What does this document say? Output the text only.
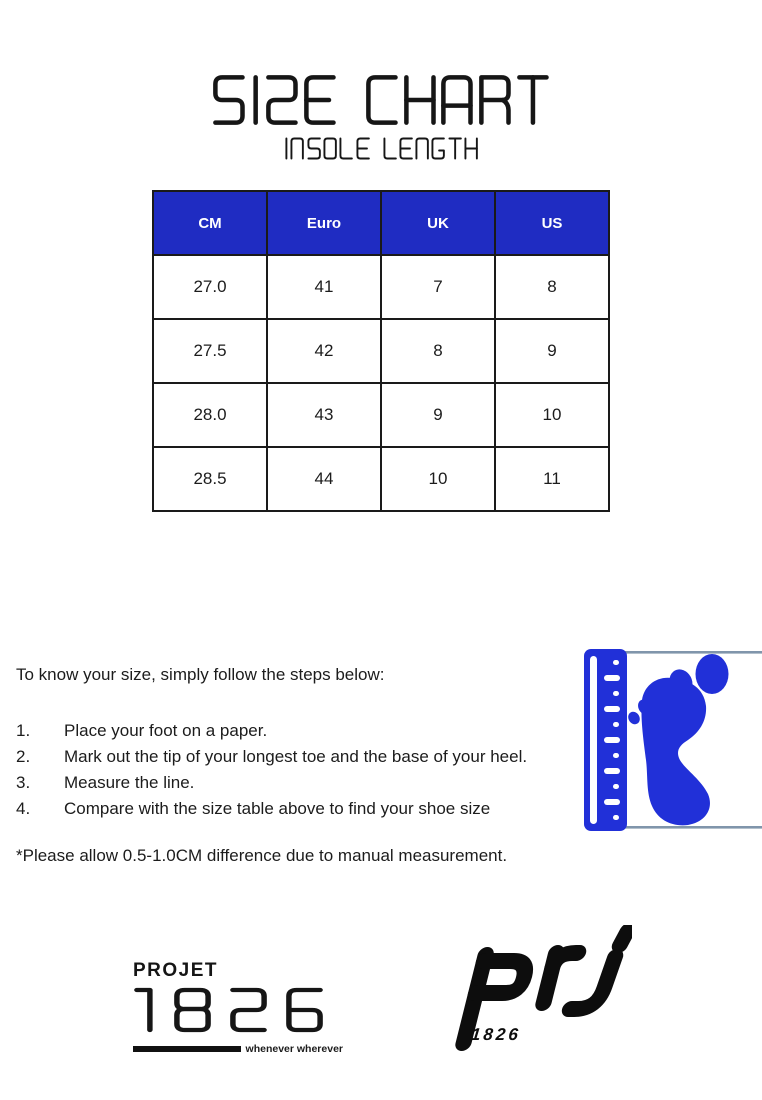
CM	Euro	UK	US
27.0	41	7	8
27.5	42	8	9
28.0	43	9	10
28.5	44	10	11

To know your size, simply follow the steps below:

1.	Place your foot on a paper.
2.	Mark out the tip of your longest toe and the base of your heel.
3.	Measure the line.
4.	Compare with the size table above to find your shoe size

*Please allow 0.5-1.0CM difference due to manual measurement.

PROJET
whenever wherever
1826
